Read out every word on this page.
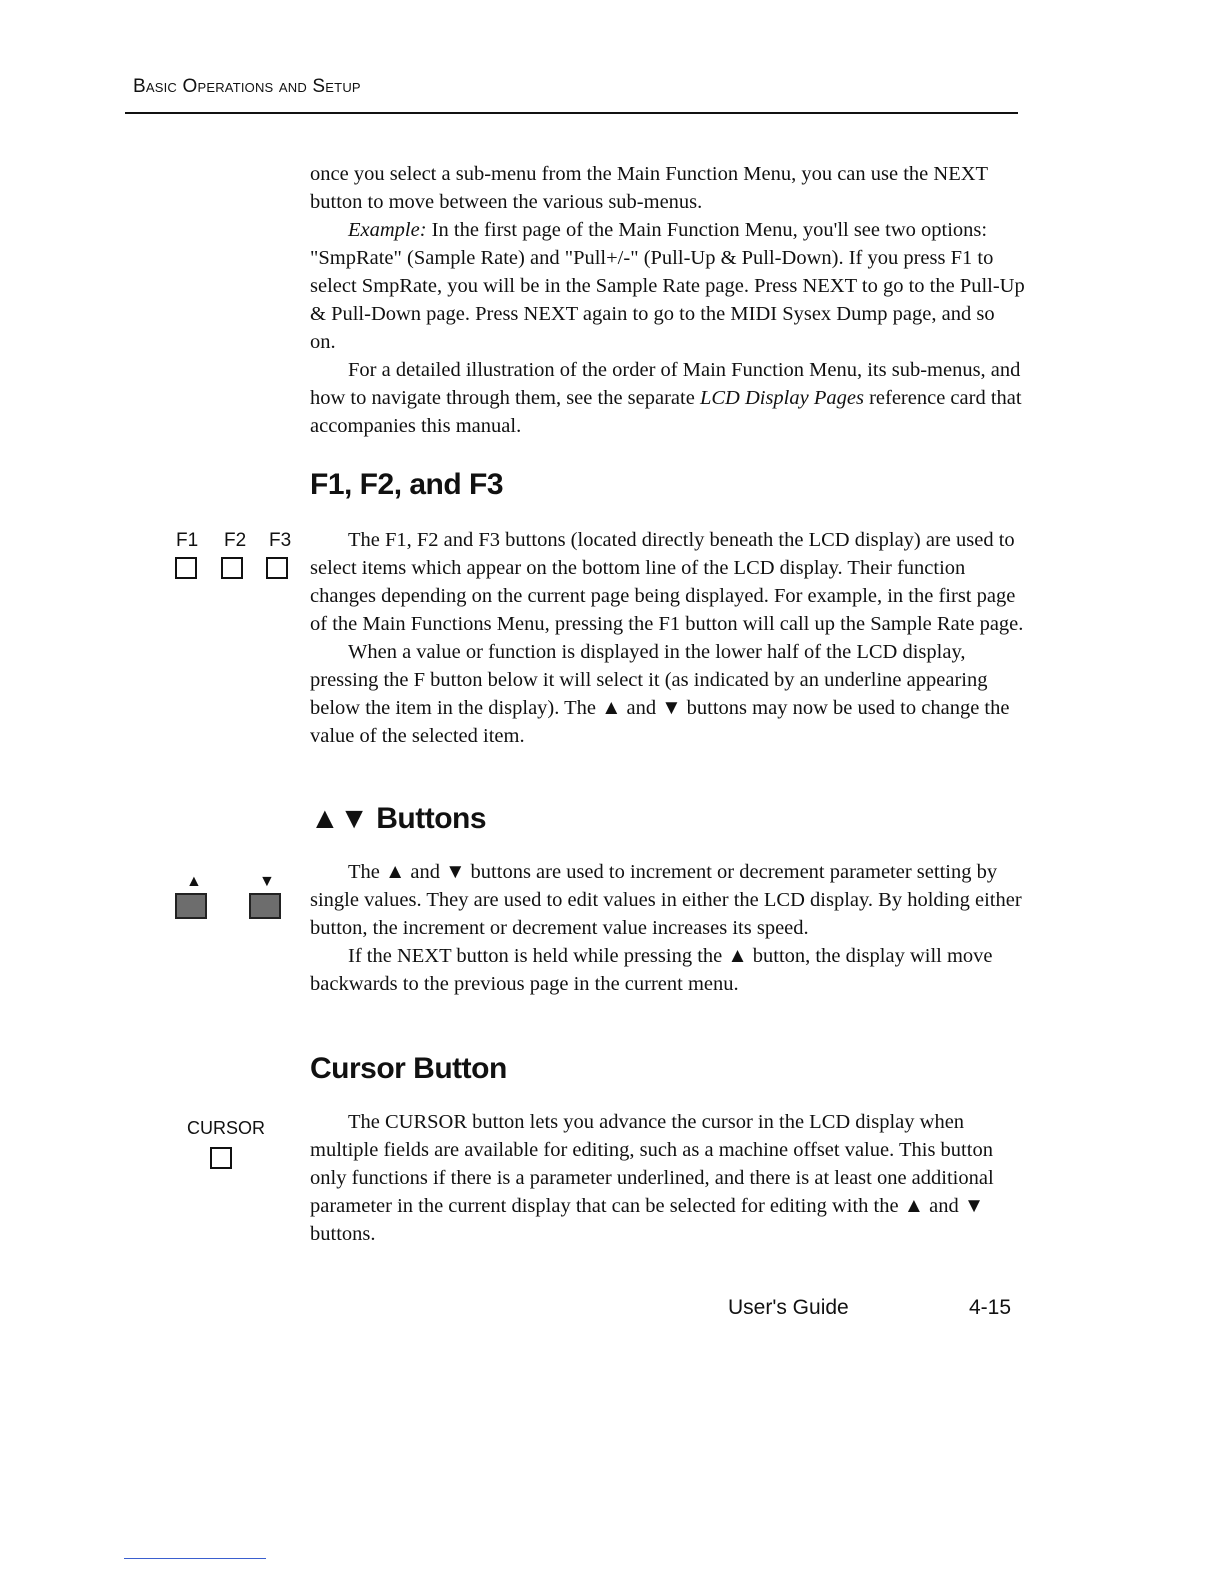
Basic Operations and Setup

once you select a sub-menu from the Main Function Menu, you can use the NEXT button to move between the various sub-menus.

Example: In the first page of the Main Function Menu, you'll see two options: "SmpRate" (Sample Rate) and "Pull+/-" (Pull-Up & Pull-Down). If you press F1 to select SmpRate, you will be in the Sample Rate page. Press NEXT to go to the Pull-Up & Pull-Down page. Press NEXT again to go to the MIDI Sysex Dump page, and so on.

For a detailed illustration of the order of Main Function Menu, its sub-menus, and how to navigate through them, see the separate LCD Display Pages reference card that accompanies this manual.

F1, F2, and F3
F1 F2 F3	The F1, F2 and F3 buttons (located directly beneath the LCD display) are used to select items which appear on the bottom line of the LCD display. Their function changes depending on the current page being displayed. For example, in the first page of the Main Functions Menu, pressing the F1 button will call up the Sample Rate page.

When a value or function is displayed in the lower half of the LCD display, pressing the F button below it will select it (as indicated by an underline appearing below the item in the display). The ▲ and ▼ buttons may now be used to change the value of the selected item.

▲▼ Buttons
▲	▼	The ▲ and ▼ buttons are used to increment or decrement parameter setting by single values. They are used to edit values in either the LCD display. By holding either button, the increment or decrement value increases its speed.

If the NEXT button is held while pressing the ▲ button, the display will move backwards to the previous page in the current menu.

Cursor Button
CURSOR	The CURSOR button lets you advance the cursor in the LCD display when multiple fields are available for editing, such as a machine offset value. This button only functions if there is a parameter underlined, and there is at least one additional parameter in the current display that can be selected for editing with the ▲ and ▼ buttons.

User's Guide	4-15
